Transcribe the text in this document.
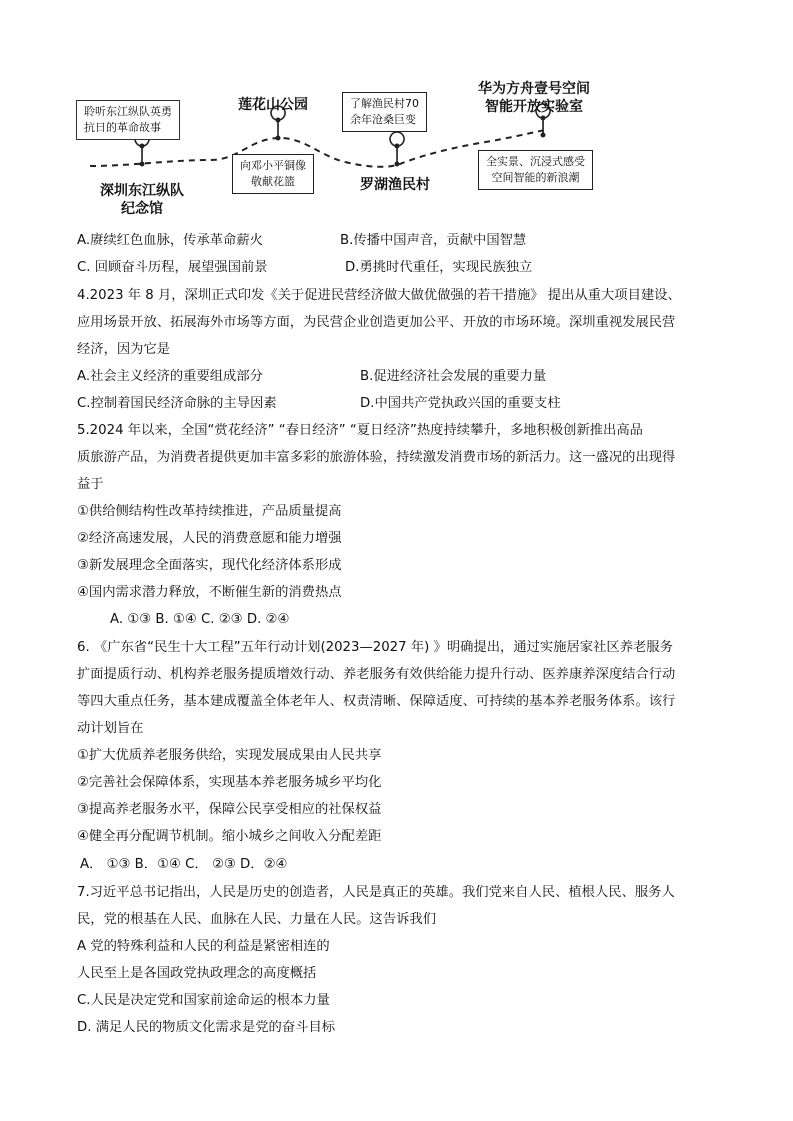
聆听东江纵队英勇
抗日的革命故事
深圳东江纵队
纪念馆
莲花山公园
向邓小平铜像
敬献花篮
了解渔民村70
余年沧桑巨变
罗湖渔民村
华为方舟壹号空间
智能开放实验室
全实景、沉浸式感受
空间智能的新浪潮
A.赓续红色血脉，传承革命薪火	B.传播中国声音，贡献中国智慧
C. 回顾奋斗历程，展望强国前景	D.勇挑时代重任，实现民族独立
4.2023 年 8 月，深圳正式印发《关于促进民营经济做大做优做强的若干措施》 提出从重大项目建设、
应用场景开放、拓展海外市场等方面，为民营企业创造更加公平、开放的市场环境。深圳重视发展民营
经济，因为它是
A.社会主义经济的重要组成部分	B.促进经济社会发展的重要力量
C.控制着国民经济命脉的主导因素	D.中国共产党执政兴国的重要支柱
5.2024 年以来，全国“赏花经济” “春日经济” “夏日经济”热度持续攀升，多地积极创新推出高品
质旅游产品，为消费者提供更加丰富多彩的旅游体验，持续激发消费市场的新活力。这一盛况的出现得
益于
①供给侧结构性改革持续推进，产品质量提高
②经济高速发展，人民的消费意愿和能力增强
③新发展理念全面落实，现代化经济体系形成
④国内需求潜力释放，不断催生新的消费热点
A. ①③ B. ①④ C. ②③ D. ②④
6. 《广东省“民生十大工程”五年行动计划(2023—2027 年) 》明确提出，通过实施居家社区养老服务
扩面提质行动、机构养老服务提质增效行动、养老服务有效供给能力提升行动、医养康养深度结合行动
等四大重点任务，基本建成覆盖全体老年人、权责清晰、保障适度、可持续的基本养老服务体系。该行
动计划旨在
①扩大优质养老服务供给，实现发展成果由人民共享
②完善社会保障体系，实现基本养老服务城乡平均化
③提高养老服务水平，保障公民享受相应的社保权益
④健全再分配调节机制。缩小城乡之间收入分配差距
A． ①③ B．①④ C． ②③ D．②④
7.习近平总书记指出，人民是历史的创造者，人民是真正的英雄。我们党来自人民、植根人民、服务人
民，党的根基在人民、血脉在人民、力量在人民。这告诉我们
A 党的特殊利益和人民的利益是紧密相连的
人民至上是各国政党执政理念的高度概括
C.人民是决定党和国家前途命运的根本力量
D. 满足人民的物质文化需求是党的奋斗目标
